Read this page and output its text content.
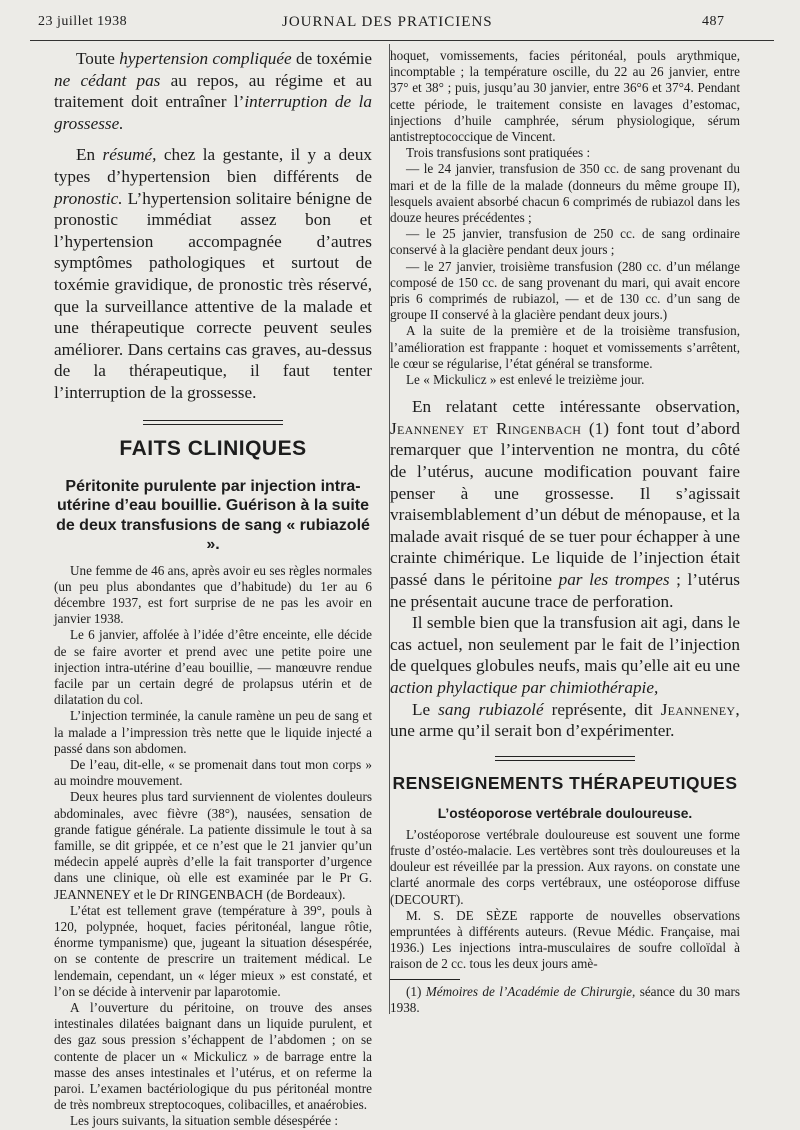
23 juillet 1938	JOURNAL DES PRATICIENS	487

Toute hypertension compliquée de toxémie ne cédant pas au repos, au régime et au traitement doit entraîner l’interruption de la grossesse.

En résumé, chez la gestante, il y a deux types d’hypertension bien différents de pronostic. L’hypertension solitaire bénigne de pronostic immédiat assez bon et l’hypertension accompagnée d’autres symptômes pathologiques et surtout de toxémie gravidique, de pronostic très réservé, que la surveillance attentive de la malade et une thérapeutique correcte peuvent seules améliorer. Dans certains cas graves, au-dessus de la thérapeutique, il faut tenter l’interruption de la grossesse.

FAITS CLINIQUES
Péritonite purulente par injection intra-utérine d’eau bouillie. Guérison à la suite de deux transfusions de sang « rubiazolé ».

Une femme de 46 ans, après avoir eu ses règles normales (un peu plus abondantes que d’habitude) du 1er au 6 décembre 1937, est fort surprise de ne pas les avoir en janvier 1938.

Le 6 janvier, affolée à l’idée d’être enceinte, elle décide de se faire avorter et prend avec une petite poire une injection intra-utérine d’eau bouillie, — manœuvre rendue facile par un certain degré de prolapsus utérin et de dilatation du col.

L’injection terminée, la canule ramène un peu de sang et la malade a l’impression très nette que le liquide injecté a passé dans son abdomen.

De l’eau, dit-elle, « se promenait dans tout mon corps » au moindre mouvement.

Deux heures plus tard surviennent de violentes douleurs abdominales, avec fièvre (38°), nausées, sensation de grande fatigue générale. La patiente dissimule le tout à sa famille, se dit grippée, et ce n’est que le 21 janvier qu’un médecin appelé auprès d’elle la fait transporter d’urgence dans une clinique, où elle est examinée par le Pr G. JEANNENEY et le Dr RINGENBACH (de Bordeaux).

L’état est tellement grave (température à 39°, pouls à 120, polypnée, hoquet, facies péritonéal, langue rôtie, énorme tympanisme) que, jugeant la situation désespérée, on se contente de prescrire un traitement médical. Le lendemain, cependant, un « léger mieux » est constaté, et l’on se décide à intervenir par laparotomie.

A l’ouverture du péritoine, on trouve des anses intestinales dilatées baignant dans un liquide purulent, et des gaz sous pression s’échappent de l’abdomen ; on se contente de placer un « Mickulicz » de barrage entre la masse des anses intestinales et l’utérus, et on referme la paroi. L’examen bactériologique du pus péritonéal montre de très nombreux streptocoques, colibacilles, et anaérobies.

Les jours suivants, la situation semble désespérée :

hoquet, vomissements, facies péritonéal, pouls arythmique, incomptable ; la température oscille, du 22 au 26 janvier, entre 37° et 38° ; puis, jusqu’au 30 janvier, entre 36°6 et 37°4. Pendant cette période, le traitement consiste en lavages d’estomac, injections d’huile camphrée, sérum physiologique, sérum antistreptococcique de Vincent.

Trois transfusions sont pratiquées :

— le 24 janvier, transfusion de 350 cc. de sang provenant du mari et de la fille de la malade (donneurs du même groupe II), lesquels avaient absorbé chacun 6 comprimés de rubiazol dans les douze heures précédentes ;

— le 25 janvier, transfusion de 250 cc. de sang ordinaire conservé à la glacière pendant deux jours ;

— le 27 janvier, troisième transfusion (280 cc. d’un mélange composé de 150 cc. de sang provenant du mari, qui avait encore pris 6 comprimés de rubiazol, — et de 130 cc. d’un sang de groupe II conservé à la glacière pendant deux jours.)

A la suite de la première et de la troisième transfusion, l’amélioration est frappante : hoquet et vomissements s’arrêtent, le cœur se régularise, l’état général se transforme.

Le « Mickulicz » est enlevé le treizième jour.

En relatant cette intéressante observation, Jeanneney et Ringenbach (1) font tout d’abord remarquer que l’intervention ne montra, du côté de l’utérus, aucune modification pouvant faire penser à une grossesse. Il s’agissait vraisemblablement d’un début de ménopause, et la malade avait risqué de se tuer pour échapper à une crainte chimérique. Le liquide de l’injection était passé dans le péritoine par les trompes ; l’utérus ne présentait aucune trace de perforation.

Il semble bien que la transfusion ait agi, dans le cas actuel, non seulement par le fait de l’injection de quelques globules neufs, mais qu’elle ait eu une action phylactique par chimiothérapie,

Le sang rubiazolé représente, dit Jeanneney, une arme qu’il serait bon d’expérimenter.

RENSEIGNEMENTS THÉRAPEUTIQUES
L’ostéoporose vertébrale douloureuse.

L’ostéoporose vertébrale douloureuse est souvent une forme fruste d’ostéo-malacie. Les vertèbres sont très douloureuses et la douleur est réveillée par la pression. Aux rayons. on constate une clarté anormale des corps vertébraux, une ostéoporose diffuse (DECOURT).

M. S. DE SÈZE rapporte de nouvelles observations empruntées à différents auteurs. (Revue Médic. Française, mai 1936.) Les injections intra-musculaires de soufre colloïdal à raison de 2 cc. tous les deux jours amè-

(1) Mémoires de l’Académie de Chirurgie, séance du 30 mars 1938.
